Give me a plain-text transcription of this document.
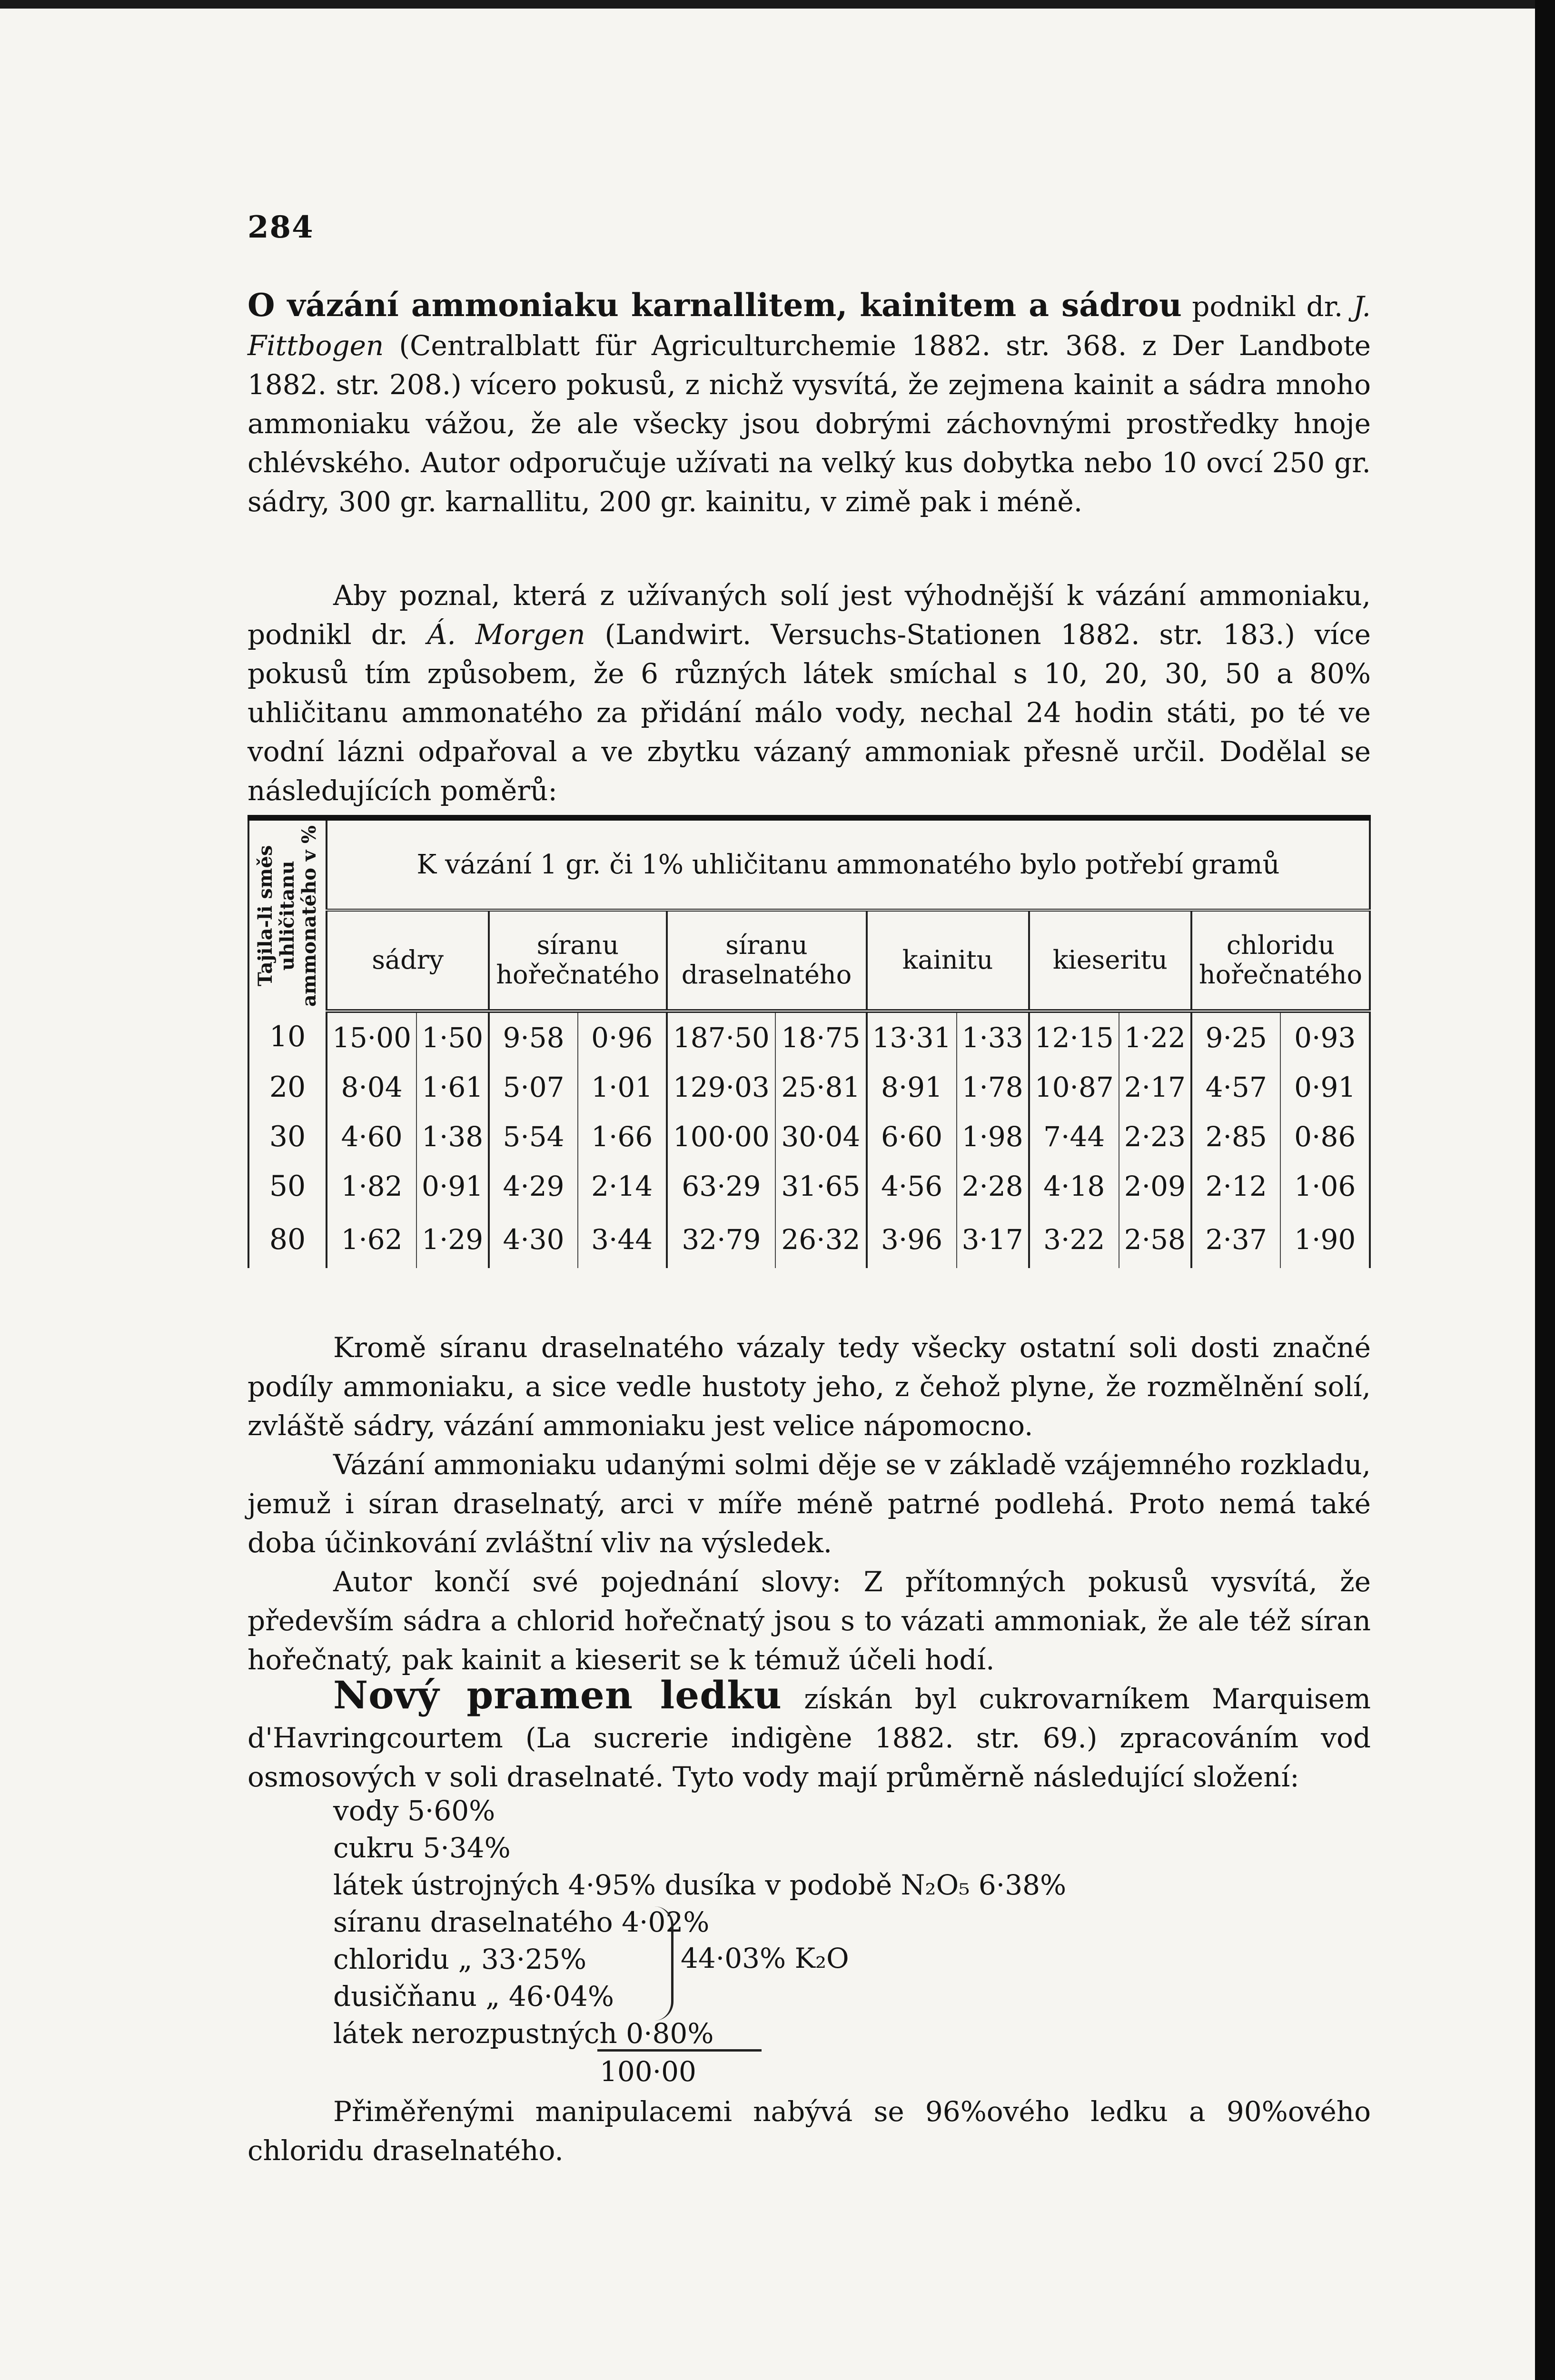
284

O vázání ammoniaku karnallitem, kainitem a sádrou podnikl dr. J. Fittbogen (Centralblatt für Agriculturchemie 1882. str. 368. z Der Landbote 1882. str. 208.) vícero pokusů, z nichž vysvítá, že zejmena kainit a sádra mnoho ammoniaku vážou, že ale všecky jsou dobrými záchovnými prostředky hnoje chlévského. Autor odporučuje užívati na velký kus dobytka nebo 10 ovcí 250 gr. sádry, 300 gr. karnallitu, 200 gr. kainitu, v zimě pak i méně.

Aby poznal, která z užívaných solí jest výhodnější k vázání ammoniaku, podnikl dr. Á. Morgen (Landwirt. Versuchs-Stationen 1882. str. 183.) více pokusů tím způsobem, že 6 různých látek smíchal s 10, 20, 30, 50 a 80% uhličitanu ammonatého za přidání málo vody, nechal 24 hodin státi, po té ve vodní lázni odpařoval a ve zbytku vázaný ammoniak přesně určil. Dodělal se následujících poměrů:

Tajila-li směs uhličitanu ammonatého v %	K vázání 1 gr. či 1% uhličitanu ammonatého bylo potřebí gramů											
	sádry		síranu hořečnatého		síranu draselnatého		kainitu		kieseritu		chloridu hořečnatého	
10	15·00	1·50	9·58	0·96	187·50	18·75	13·31	1·33	12·15	1·22	9·25	0·93
20	8·04	1·61	5·07	1·01	129·03	25·81	8·91	1·78	10·87	2·17	4·57	0·91
30	4·60	1·38	5·54	1·66	100·00	30·04	6·60	1·98	7·44	2·23	2·85	0·86
50	1·82	0·91	4·29	2·14	63·29	31·65	4·56	2·28	4·18	2·09	2·12	1·06
80	1·62	1·29	4·30	3·44	32·79	26·32	3·96	3·17	3·22	2·58	2·37	1·90

Kromě síranu draselnatého vázaly tedy všecky ostatní soli dosti značné podíly ammoniaku, a sice vedle hustoty jeho, z čehož plyne, že rozmělnění solí, zvláště sádry, vázání ammoniaku jest velice nápomocno.

Vázání ammoniaku udanými solmi děje se v základě vzájemného rozkladu, jemuž i síran draselnatý, arci v míře méně patrné podlehá. Proto nemá také doba účinkování zvláštní vliv na výsledek.

Autor končí své pojednání slovy: Z přítomných pokusů vysvítá, že především sádra a chlorid hořečnatý jsou s to vázati ammoniak, že ale též síran hořečnatý, pak kainit a kieserit se k témuž účeli hodí.

Nový pramen ledku získán byl cukrovarníkem Marquisem d'Havringcourtem (La sucrerie indigène 1882. str. 69.) zpracováním vod osmosových v soli draselnaté. Tyto vody mají průměrně následující složení:

vody 5·60%
cukru 5·34%
látek ústrojných 4·95% dusíka v podobě N₂O₅ 6·38%
síranu draselnatého 4·02%
chloridu „ 33·25%
dusičňanu „ 46·04%
látek nerozpustných 0·80%
44·03% K₂O
100·00

Přiměřenými manipulacemi nabývá se 96%ového ledku a 90%ového chloridu draselnatého.
